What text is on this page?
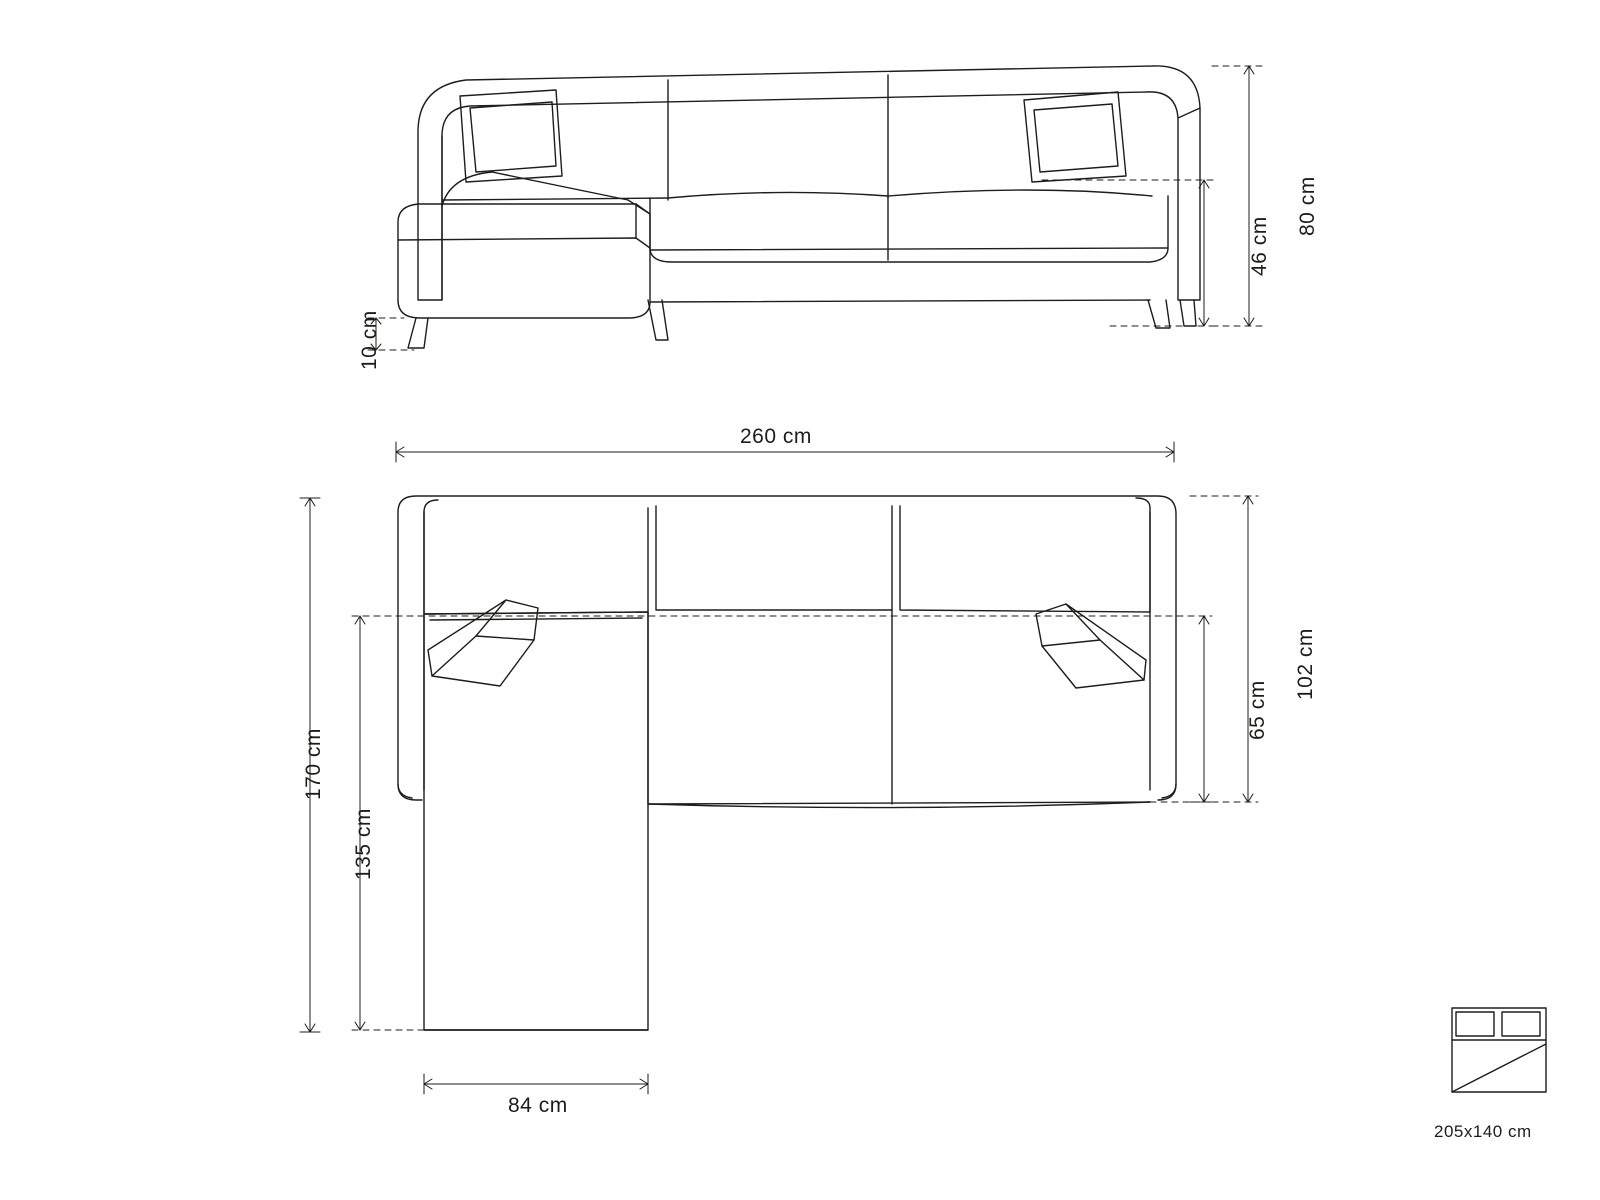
80 cm
46 cm
10 cm
260 cm
170 cm
135 cm
84 cm
102 cm
65 cm
205x140 cm
